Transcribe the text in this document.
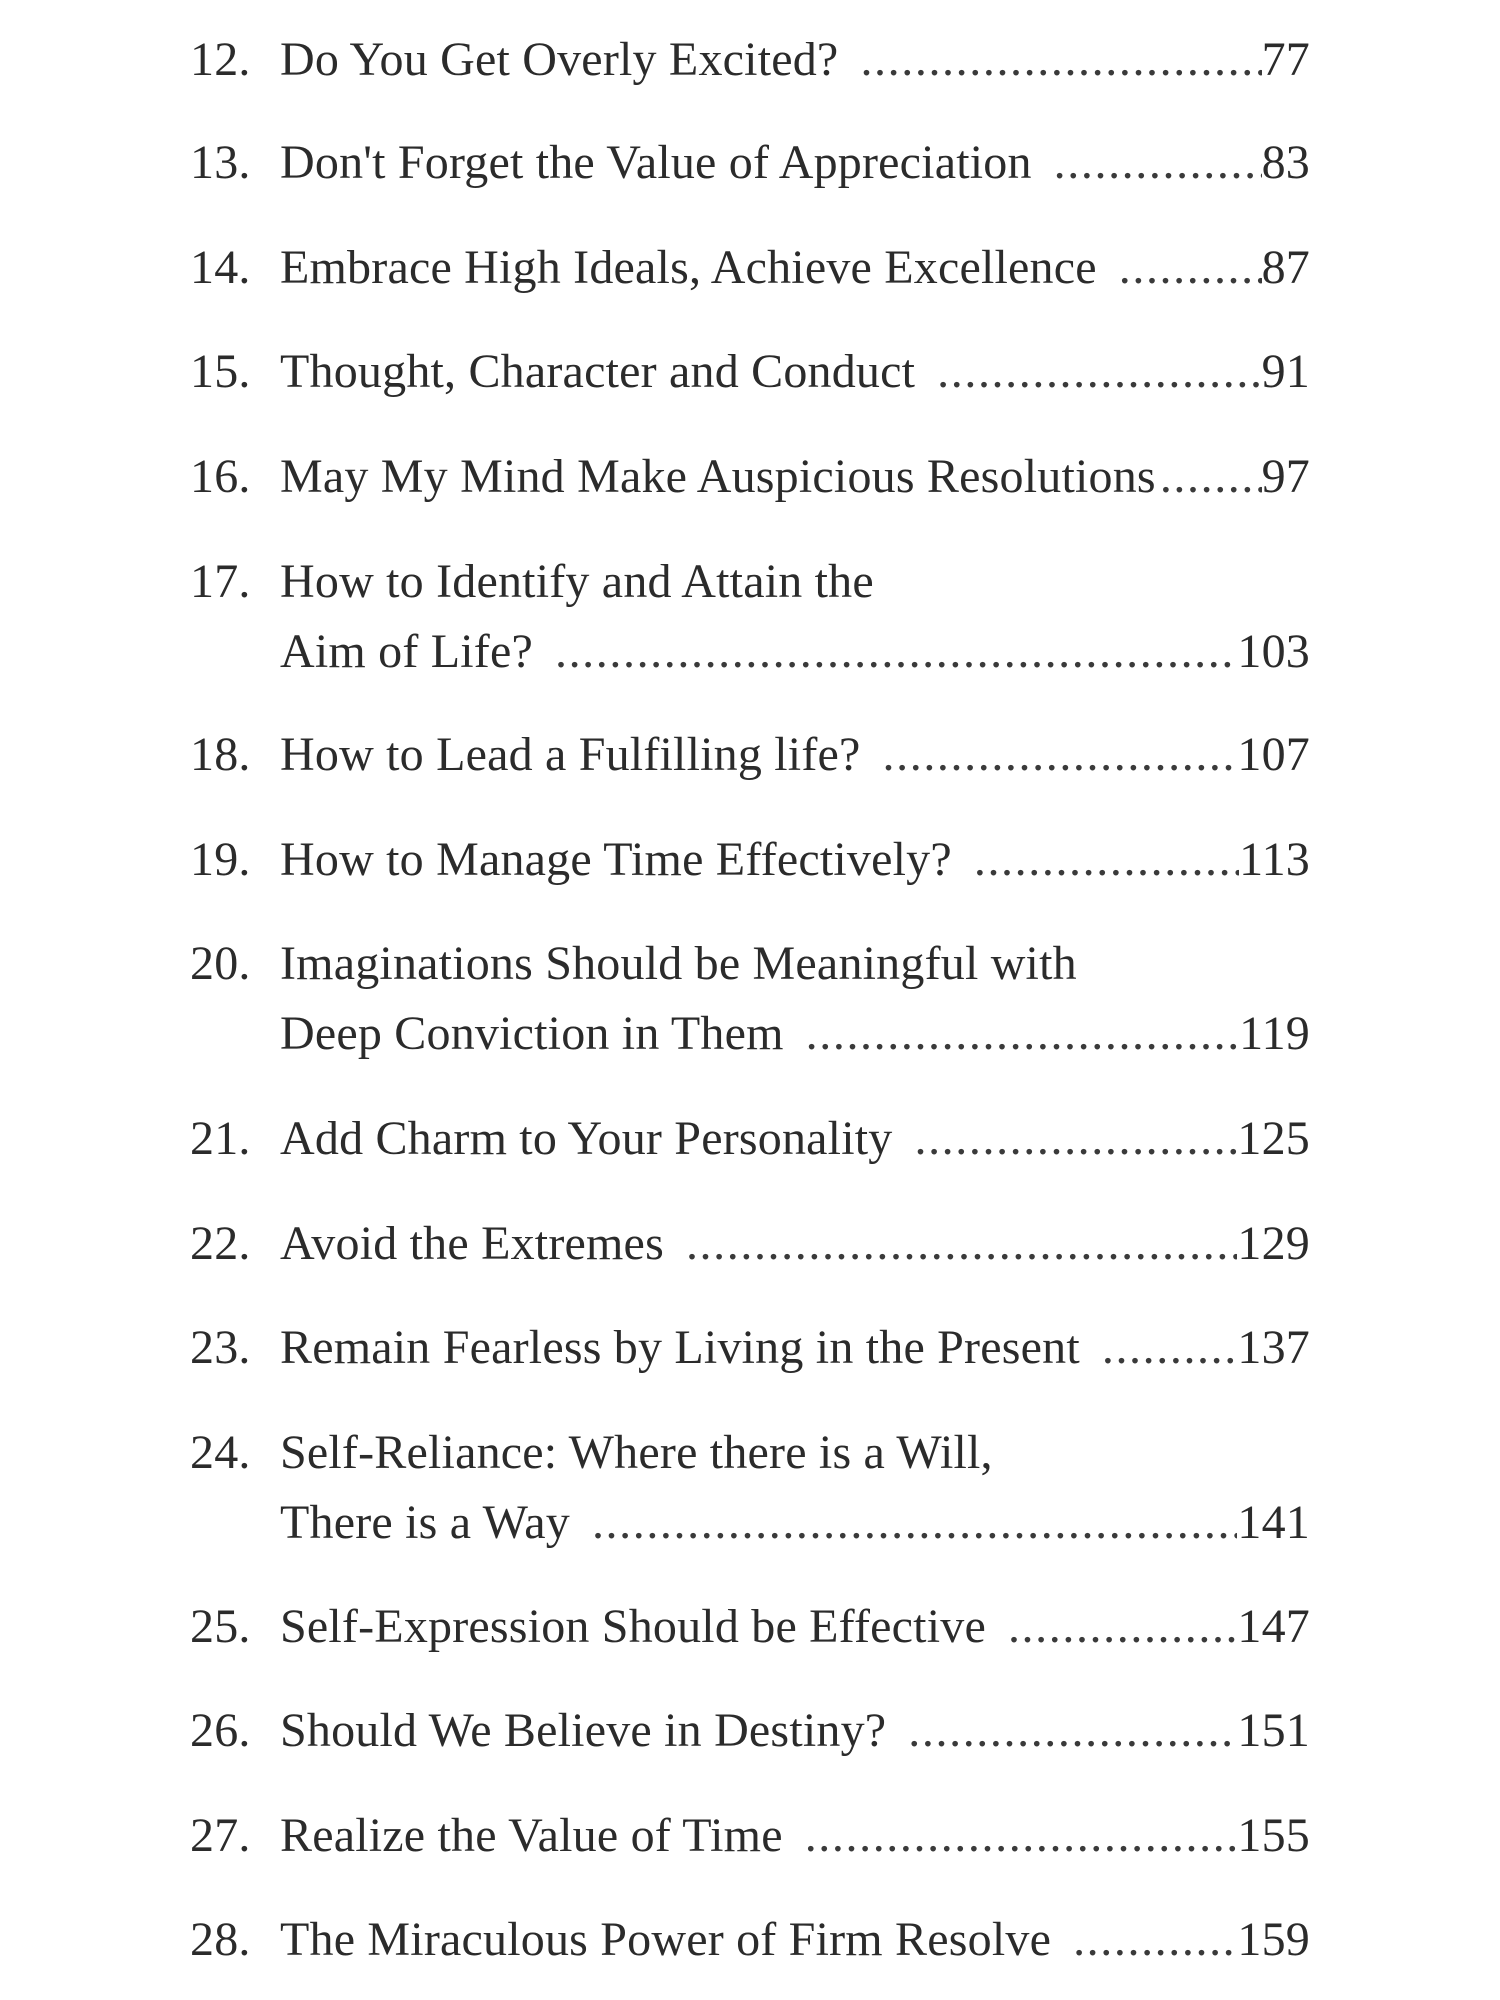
12. Do You Get Overly Excited? .....	77
13. Don't Forget the Value of Appreciation .....	83
14. Embrace High Ideals, Achieve Excellence .....	87
15. Thought, Character and Conduct .....	91
16. May My Mind Make Auspicious Resolutions ..... 97
17. How to Identify and Attain the
Aim of Life? .....	103
18. How to Lead a Fulfilling life? .....	107
19. How to Manage Time Effectively? .....	113
20. Imaginations Should be Meaningful with
Deep Conviction in Them .....	119
21. Add Charm to Your Personality .....	125
22. Avoid the Extremes .....	129
23. Remain Fearless by Living in the Present .....	137
24. Self-Reliance: Where there is a Will,
There is a Way .....	141
25. Self-Expression Should be Effective .....	147
26. Should We Believe in Destiny? .....	151
27. Realize the Value of Time .....	155
28. The Miraculous Power of Firm Resolve .....	159
